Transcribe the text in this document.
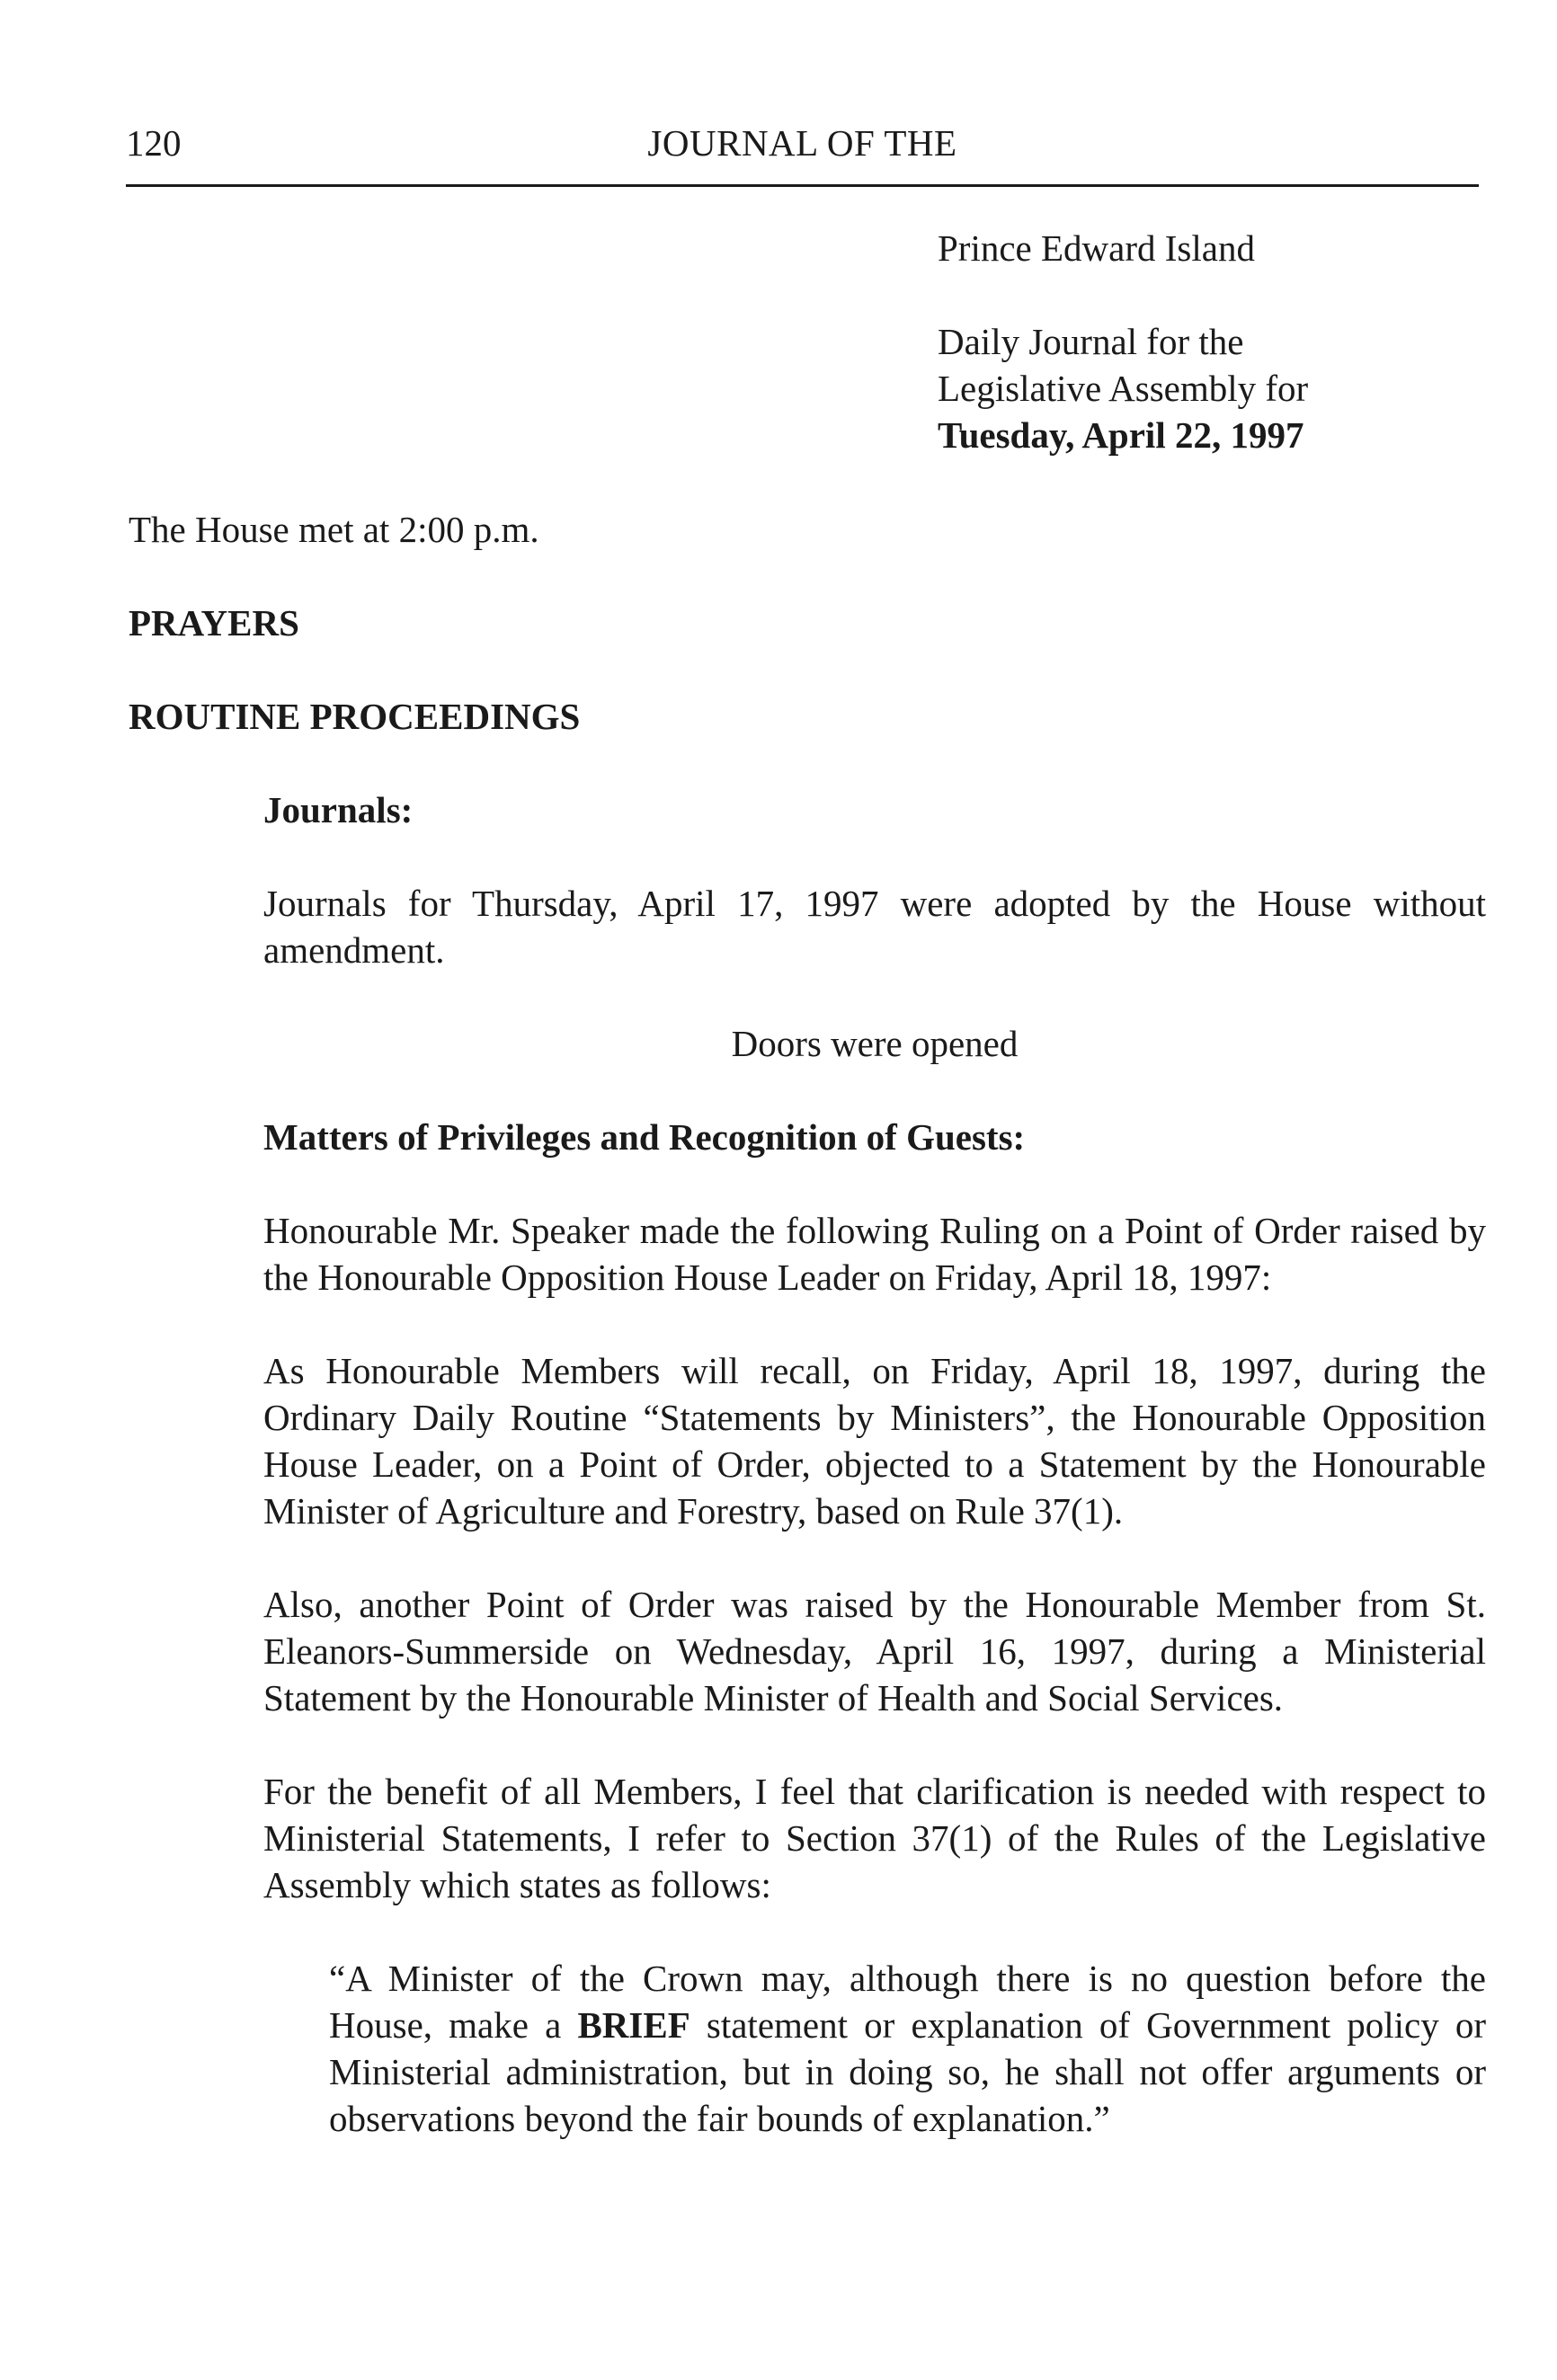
120	JOURNAL OF THE
Prince Edward Island
Daily Journal for the
Legislative Assembly for
Tuesday, April 22, 1997
The House met at 2:00 p.m.
PRAYERS
ROUTINE PROCEEDINGS
Journals:
Journals for Thursday, April 17, 1997 were adopted by the House without amendment.
Doors were opened
Matters of Privileges and Recognition of Guests:
Honourable Mr. Speaker made the following Ruling on a Point of Order raised by the Honourable Opposition House Leader on Friday, April 18, 1997:
As Honourable Members will recall, on Friday, April 18, 1997, during the Ordinary Daily Routine “Statements by Ministers”, the Honourable Opposition House Leader, on a Point of Order, objected to a Statement by the Honourable Minister of Agriculture and Forestry, based on Rule 37(1).
Also, another Point of Order was raised by the Honourable Member from St. Eleanors-Summerside on Wednesday, April 16, 1997, during a Ministerial Statement by the Honourable Minister of Health and Social Services.
For the benefit of all Members, I feel that clarification is needed with respect to Ministerial Statements, I refer to Section 37(1) of the Rules of the Legislative Assembly which states as follows:
“A Minister of the Crown may, although there is no question before the House, make a BRIEF statement or explanation of Government policy or Ministerial administration, but in doing so, he shall not offer arguments or observations beyond the fair bounds of explanation.”
